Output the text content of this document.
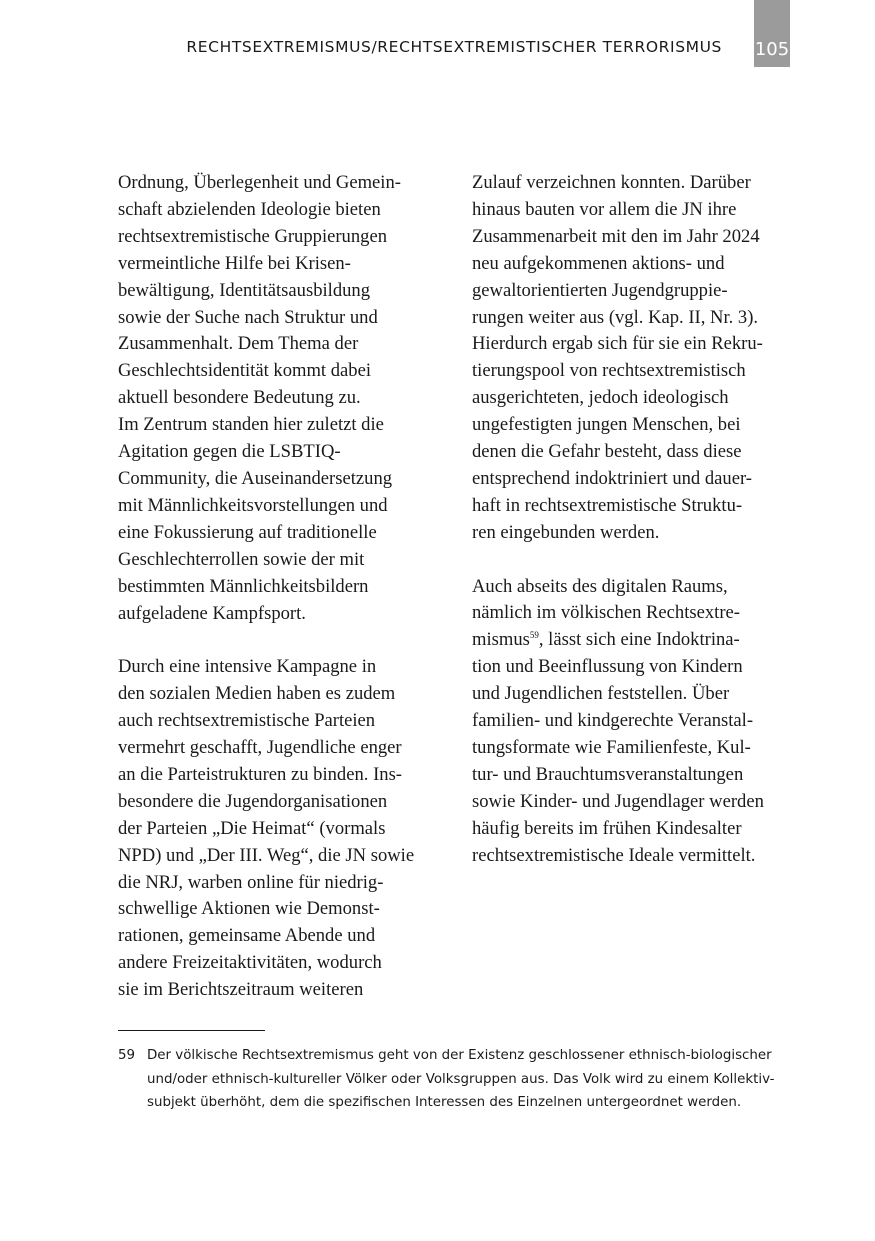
RECHTSEXTREMISMUS/RECHTSEXTREMISTISCHER TERRORISMUS 105
Ordnung, Überlegenheit und Gemein-
schaft abzielenden Ideologie bieten
rechtsextremistische Gruppierungen
vermeintliche Hilfe bei Krisen-
bewältigung, Identitätsausbildung
sowie der Suche nach Struktur und
Zusammenhalt. Dem Thema der
Geschlechtsidentität kommt dabei
aktuell besondere Bedeutung zu.
Im Zentrum standen hier zuletzt die
Agitation gegen die LSBTIQ-
Community, die Auseinandersetzung
mit Männlichkeitsvorstellungen und
eine Fokussierung auf traditionelle
Geschlechterrollen sowie der mit
bestimmten Männlichkeitsbildern
aufgeladene Kampfsport.
Durch eine intensive Kampagne in
den sozialen Medien haben es zudem
auch rechtsextremistische Parteien
vermehrt geschafft, Jugendliche enger
an die Parteistrukturen zu binden. Ins-
besondere die Jugendorganisationen
der Parteien „Die Heimat“ (vormals
NPD) und „Der III. Weg“, die JN sowie
die NRJ, warben online für niedrig-
schwellige Aktionen wie Demonst-
rationen, gemeinsame Abende und
andere Freizeitaktivitäten, wodurch
sie im Berichtszeitraum weiteren
Zulauf verzeichnen konnten. Darüber
hinaus bauten vor allem die JN ihre
Zusammenarbeit mit den im Jahr 2024
neu aufgekommenen aktions- und
gewaltorientierten Jugendgruppie-
rungen weiter aus (vgl. Kap. II, Nr. 3).
Hierdurch ergab sich für sie ein Rekru-
tierungspool von rechtsextremistisch
ausgerichteten, jedoch ideologisch
ungefestigten jungen Menschen, bei
denen die Gefahr besteht, dass diese
entsprechend indoktriniert und dauer-
haft in rechtsextremistische Struktu-
ren eingebunden werden.
Auch abseits des digitalen Raums,
nämlich im völkischen Rechtsextre-
mismus$^{59}$, lässt sich eine Indoktrina-
tion und Beeinflussung von Kindern
und Jugendlichen feststellen. Über
familien- und kindgerechte Veranstal-
tungsformate wie Familienfeste, Kul-
tur- und Brauchtumsveranstaltungen
sowie Kinder- und Jugendlager werden
häufig bereits im frühen Kindesalter
rechtsextremistische Ideale vermittelt.
59 Der völkische Rechtsextremismus geht von der Existenz geschlossener ethnisch-biologischer
und/oder ethnisch-kultureller Völker oder Volksgruppen aus. Das Volk wird zu einem Kollektiv-
subjekt überhöht, dem die spezifischen Interessen des Einzelnen untergeordnet werden.
